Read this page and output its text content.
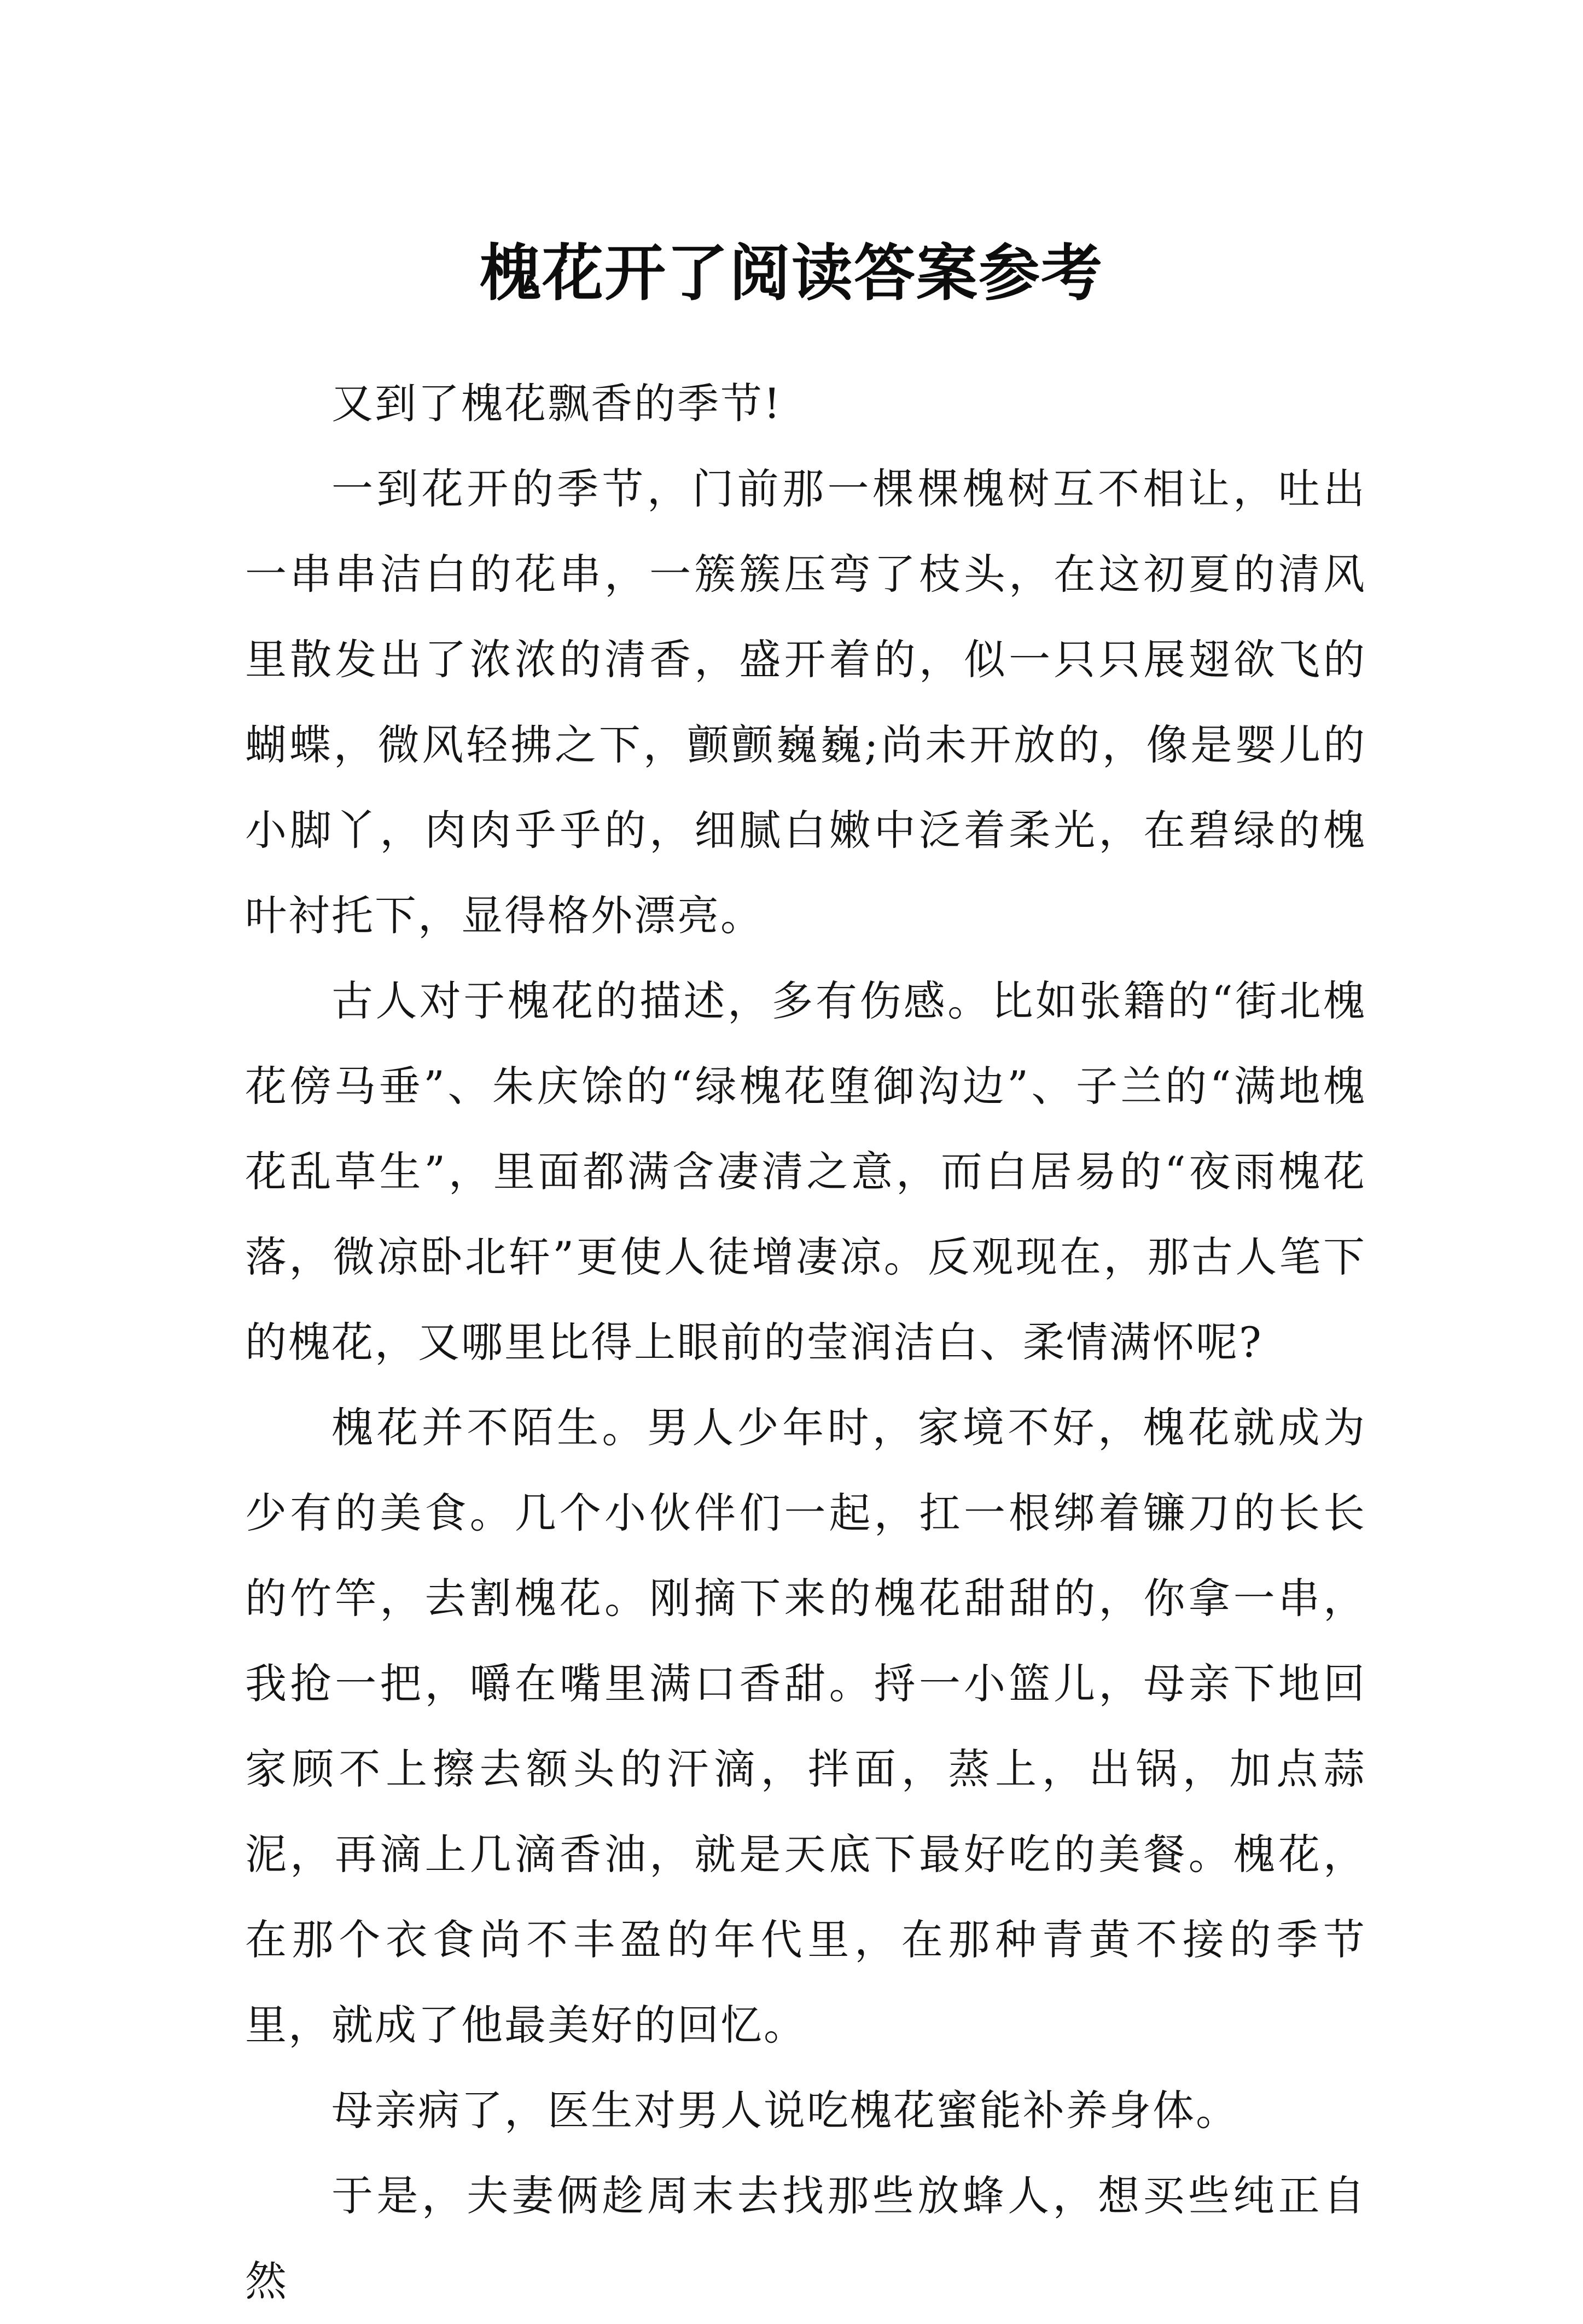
槐花开了阅读答案参考

又到了槐花飘香的季节!

一到花开的季节，门前那一棵棵槐树互不相让，吐出一串串洁白的花串，一簇簇压弯了枝头，在这初夏的清风里散发出了浓浓的清香，盛开着的，似一只只展翅欲飞的蝴蝶，微风轻拂之下，颤颤巍巍;尚未开放的，像是婴儿的小脚丫，肉肉乎乎的，细腻白嫩中泛着柔光，在碧绿的槐叶衬托下，显得格外漂亮。

古人对于槐花的描述，多有伤感。比如张籍的“街北槐花傍马垂”、朱庆馀的“绿槐花堕御沟边”、子兰的“满地槐花乱草生”，里面都满含凄清之意，而白居易的“夜雨槐花落，微凉卧北轩”更使人徒增凄凉。反观现在，那古人笔下的槐花，又哪里比得上眼前的莹润洁白、柔情满怀呢?

槐花并不陌生。男人少年时，家境不好，槐花就成为少有的美食。几个小伙伴们一起，扛一根绑着镰刀的长长的竹竿，去割槐花。刚摘下来的槐花甜甜的，你拿一串，我抢一把，嚼在嘴里满口香甜。捋一小篮儿，母亲下地回家顾不上擦去额头的汗滴，拌面，蒸上，出锅，加点蒜泥，再滴上几滴香油，就是天底下最好吃的美餐。槐花，在那个衣食尚不丰盈的年代里，在那种青黄不接的季节里，就成了他最美好的回忆。

母亲病了，医生对男人说吃槐花蜜能补养身体。

于是，夫妻俩趁周末去找那些放蜂人，想买些纯正自然
